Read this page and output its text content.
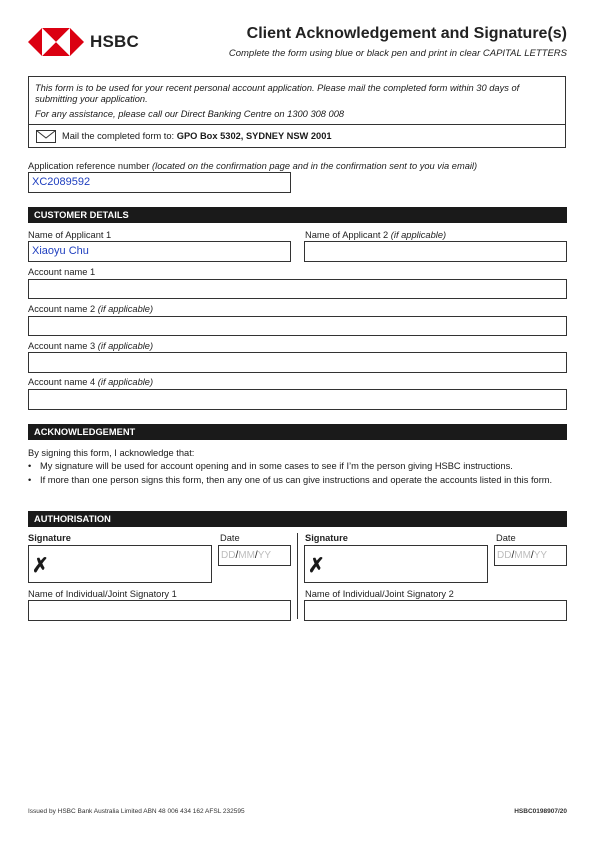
HSBC	Client Acknowledgement and Signature(s)
Complete the form using blue or black pen and print in clear CAPITAL LETTERS
This form is to be used for your recent personal account application. Please mail the completed form within 30 days of submitting your application.
For any assistance, please call our Direct Banking Centre on 1300 308 008
Mail the completed form to: GPO Box 5302, SYDNEY NSW 2001
Application reference number (located on the confirmation page and in the confirmation sent to you via email)
XC2089592
CUSTOMER DETAILS
Name of Applicant 1
Xiaoyu Chu
Name of Applicant 2 (if applicable)
Account name 1
Account name 2 (if applicable)
Account name 3 (if applicable)
Account name 4 (if applicable)
ACKNOWLEDGEMENT
By signing this form, I acknowledge that:
• My signature will be used for account opening and in some cases to see if I’m the person giving HSBC instructions.
• If more than one person signs this form, then any one of us can give instructions and operate the accounts listed in this form.
AUTHORISATION
Signature
✗
Date
DD/MM/YY
Signature
✗
Date
DD/MM/YY
Name of Individual/Joint Signatory 1	Name of Individual/Joint Signatory 2
Issued by HSBC Bank Australia Limited ABN 48 006 434 162 AFSL 232595	HSBC0198907/20
